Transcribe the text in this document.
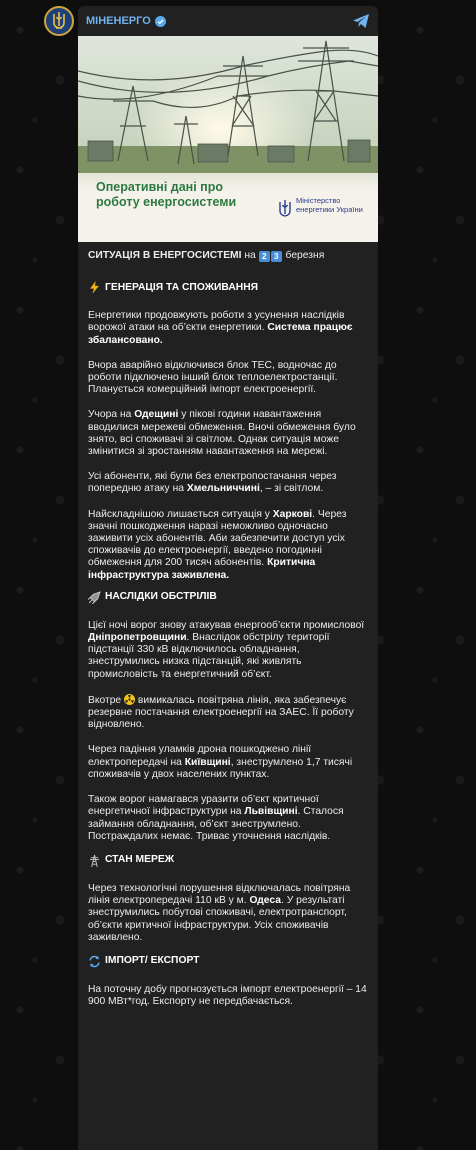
МІНЕНЕРГО
Оперативні дані про роботу енергосистеми	Міністерство енергетики України
СИТУАЦІЯ В ЕНЕРГОСИСТЕМІ на 2 3 березня
ГЕНЕРАЦІЯ ТА СПОЖИВАННЯ

Енергетики продовжують роботи з усунення наслідків ворожої атаки на об’єкти енергетики. Система працює збалансовано.

Вчора аварійно відключився блок ТЕС, водночас до роботи підключено інший блок теплоелектростанції. Планується комерційний імпорт електроенергії.

Учора на Одещині у пікові години навантаження вводилися мережеві обмеження. Вночі обмеження було знято, всі споживачі зі світлом. Однак ситуація може змінитися зі зростанням навантаження на мережі.

Усі абоненти, які були без електропостачання через попередню атаку на Хмельниччині, – зі світлом.

Найскладнішою лишається ситуація у Харкові. Через значні пошкодження наразі неможливо одночасно заживити усіх абонентів. Аби забезпечити доступ усіх споживачів до електроенергії, введено погодинні обмеження для 200 тисяч абонентів. Критична інфраструктура заживлена.

НАСЛІДКИ ОБСТРІЛІВ

Цієї ночі ворог знову атакував енергооб’єкти промислової Дніпропетровщини. Внаслідок обстрілу території підстанції 330 кВ відключилось обладнання, знеструмились низка підстанцій, які живлять промисловість та енергетичний об’єкт.

Вкотре  вимикалась повітряна лінія, яка забезпечує резервне постачання електроенергії на ЗАЕС. Її роботу відновлено.

Через падіння уламків дрона пошкоджено лінії електропередачі на Київщині, знеструмлено 1,7 тисячі споживачів у двох населених пунктах.

Також ворог намагався уразити об’єкт критичної енергетичної інфраструктури на Львівщині. Сталося займання обладнання, об’єкт знеструмлено. Постраждалих немає. Триває уточнення наслідків.

СТАН МЕРЕЖ

Через технологічні порушення відключалась повітряна лінія електропередачі 110 кВ у м. Одеса. У результаті знеструмились побутові споживачі, електротранспорт, об’єкти критичної інфраструктури. Усіх споживачів заживлено.

ІМПОРТ/ ЕКСПОРТ

На поточну добу прогнозується імпорт електроенергії – 14 900 МВт*год. Експорту не передбачається.
